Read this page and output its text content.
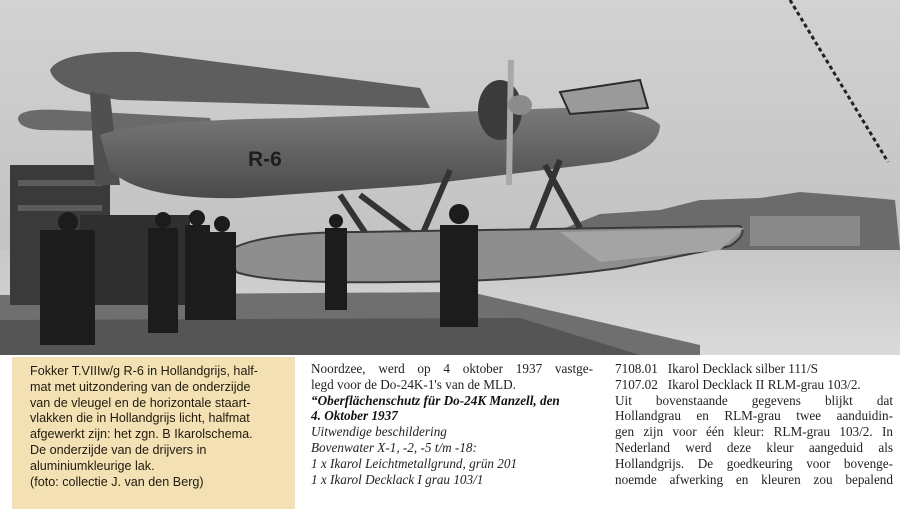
R-6
Fokker T.VIIIw/g R-6 in Hollandgrijs, half-
mat met uitzondering van de onderzijde
van de vleugel en de horizontale staart-
vlakken die in Hollandgrijs licht, halfmat
afgewerkt zijn: het zgn. B Ikarolschema.
De onderzijde van de drijvers in
aluminiumkleurige lak.
(foto: collectie J. van den Berg)
Noordzee, werd op 4 oktober 1937 vastge-
legd voor de Do-24K-1's van de MLD.
“Oberflächenschutz für Do-24K Manzell, den
4. Oktober 1937
Uitwendige beschildering
Bovenwater X-1, -2, -5 t/m -18:
1 x Ikarol Leichtmetallgrund, grün 201
1 x Ikarol Decklack I grau 103/1
7108.01   Ikarol Decklack silber 111/S
7107.02   Ikarol Decklack II RLM-grau 103/2.
Uit bovenstaande gegevens blijkt dat
Hollandgrau en RLM-grau twee aanduidin-
gen zijn voor één kleur: RLM-grau 103/2. In
Nederland werd deze kleur aangeduid als
Hollandgrijs. De goedkeuring voor bovenge-
noemde afwerking en kleuren zou bepalend
